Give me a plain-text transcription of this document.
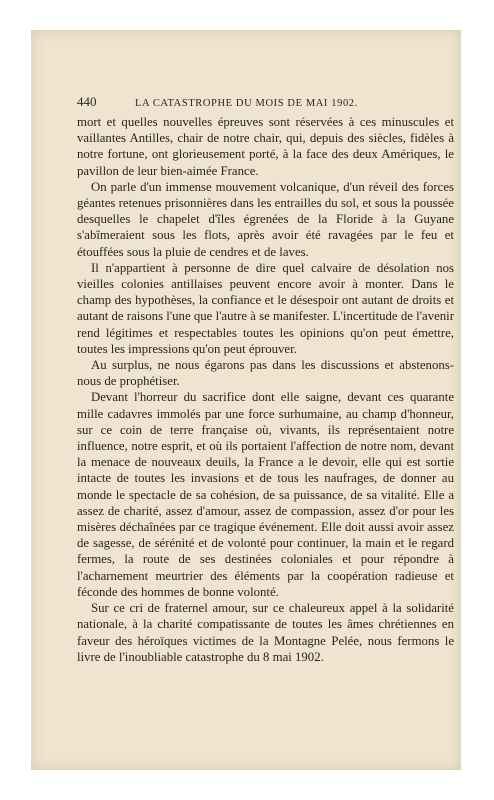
440	LA CATASTROPHE DU MOIS DE MAI 1902.

mort et quelles nouvelles épreuves sont réservées à ces minuscules et vaillantes Antilles, chair de notre chair, qui, depuis des siècles, fidèles à notre fortune, ont glorieusement porté, à la face des deux Amériques, le pavillon de leur bien-aimée France.

On parle d'un immense mouvement volcanique, d'un réveil des forces géantes retenues prisonnières dans les entrailles du sol, et sous la poussée desquelles le chapelet d'îles égrenées de la Floride à la Guyane s'abîmeraient sous les flots, après avoir été ravagées par le feu et étouffées sous la pluie de cendres et de laves.

Il n'appartient à personne de dire quel calvaire de désolation nos vieilles colonies antillaises peuvent encore avoir à monter. Dans le champ des hypothèses, la confiance et le désespoir ont autant de droits et autant de raisons l'une que l'autre à se manifester. L'incertitude de l'avenir rend légitimes et respectables toutes les opinions qu'on peut émettre, toutes les impressions qu'on peut éprouver.

Au surplus, ne nous égarons pas dans les discussions et abstenons-nous de prophétiser.

Devant l'horreur du sacrifice dont elle saigne, devant ces quarante mille cadavres immolés par une force surhumaine, au champ d'honneur, sur ce coin de terre française où, vivants, ils représentaient notre influence, notre esprit, et où ils portaient l'affection de notre nom, devant la menace de nouveaux deuils, la France a le devoir, elle qui est sortie intacte de toutes les invasions et de tous les naufrages, de donner au monde le spectacle de sa cohésion, de sa puissance, de sa vitalité. Elle a assez de charité, assez d'amour, assez de compassion, assez d'or pour les misères déchaînées par ce tragique événement. Elle doit aussi avoir assez de sagesse, de sérénité et de volonté pour continuer, la main et le regard fermes, la route de ses destinées coloniales et pour répondre à l'acharnement meurtrier des éléments par la coopération radieuse et féconde des hommes de bonne volonté.

Sur ce cri de fraternel amour, sur ce chaleureux appel à la solidarité nationale, à la charité compatissante de toutes les âmes chrétiennes en faveur des héroïques victimes de la Montagne Pelée, nous fermons le livre de l'inoubliable catastrophe du 8 mai 1902.
